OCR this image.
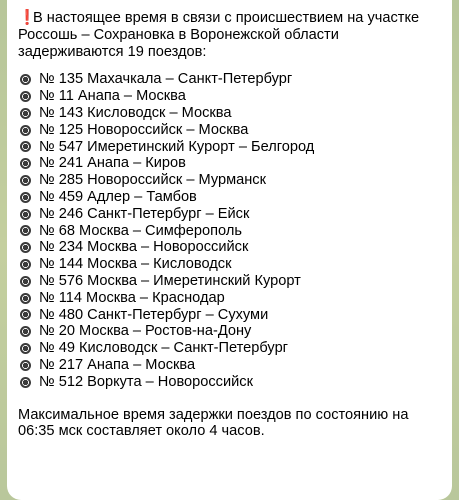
❗В настоящее время в связи с происшествием на участке
Россошь – Сохрановка в Воронежской области
задерживаются 19 поездов:

№ 135 Махачкала – Санкт-Петербург
№ 11 Анапа – Москва
№ 143 Кисловодск – Москва
№ 125 Новороссийск – Москва
№ 547 Имеретинский Курорт – Белгород
№ 241 Анапа – Киров
№ 285 Новороссийск – Мурманск
№ 459 Адлер – Тамбов
№ 246 Санкт-Петербург – Ейск
№ 68 Москва – Симферополь
№ 234 Москва – Новороссийск
№ 144 Москва – Кисловодск
№ 576 Москва – Имеретинский Курорт
№ 114 Москва – Краснодар
№ 480 Санкт-Петербург – Сухуми
№ 20 Москва – Ростов-на-Дону
№ 49 Кисловодск – Санкт-Петербург
№ 217 Анапа – Москва
№ 512 Воркута – Новороссийск

Максимальное время задержки поездов по состоянию на
06:35 мск составляет около 4 часов.
